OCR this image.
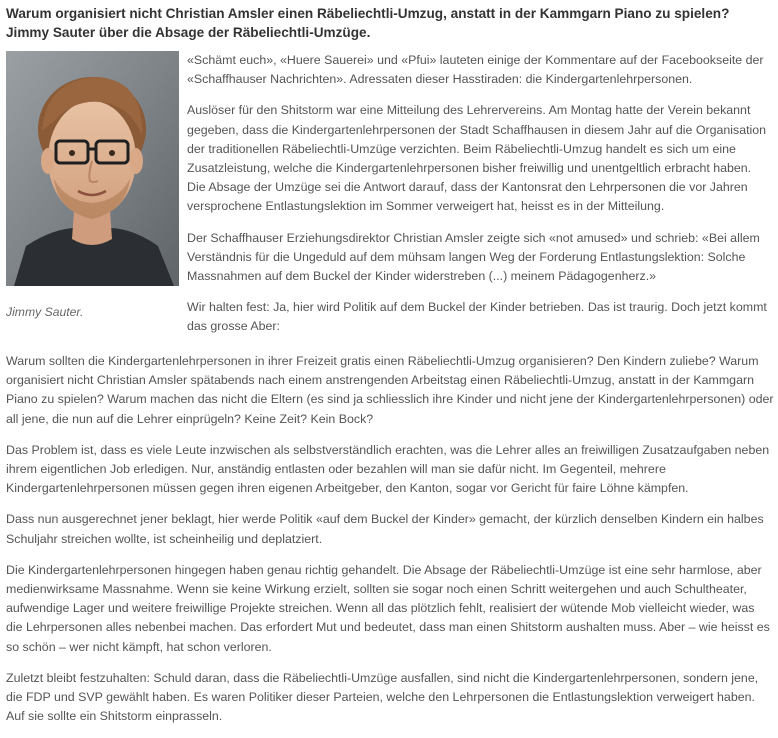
Warum organisiert nicht Christian Amsler einen Räbeliechtli-Umzug, anstatt in der Kammgarn Piano zu spielen? Jimmy Sauter über die Absage der Räbeliechtli-Umzüge.
Jimmy Sauter.

«Schämt euch», «Huere Sauerei» und «Pfui» lauteten einige der Kommentare auf der Facebookseite der «Schaffhauser Nachrichten». Adressaten dieser Hasstiraden: die Kindergartenlehrpersonen.

Auslöser für den Shitstorm war eine Mitteilung des Lehrervereins. Am Montag hatte der Verein bekannt gegeben, dass die Kindergartenlehrpersonen der Stadt Schaffhausen in diesem Jahr auf die Organisation der traditionellen Räbeliechtli-Umzüge verzichten. Beim Räbeliechtli-Umzug handelt es sich um eine Zusatzleistung, welche die Kindergartenlehrpersonen bisher freiwillig und unentgeltlich erbracht haben. Die Absage der Umzüge sei die Antwort darauf, dass der Kantonsrat den Lehrpersonen die vor Jahren versprochene Entlastungslektion im Sommer verweigert hat, heisst es in der Mitteilung.

Der Schaffhauser Erziehungsdirektor Christian Amsler zeigte sich «not amused» und schrieb: «Bei allem Verständnis für die Ungeduld auf dem mühsam langen Weg der Forderung Entlastungslektion: Solche Massnahmen auf dem Buckel der Kinder widerstreben (...) meinem Pädagogenherz.»

Wir halten fest: Ja, hier wird Politik auf dem Buckel der Kinder betrieben. Das ist traurig. Doch jetzt kommt das grosse Aber:

Warum sollten die Kindergartenlehrpersonen in ihrer Freizeit gratis einen Räbeliechtli-Umzug organisieren? Den Kindern zuliebe? Warum organisiert nicht Christian Amsler spätabends nach einem anstrengenden Arbeitstag einen Räbeliechtli-Umzug, anstatt in der Kammgarn Piano zu spielen? Warum machen das nicht die Eltern (es sind ja schliesslich ihre Kinder und nicht jene der Kindergartenlehrpersonen) oder all jene, die nun auf die Lehrer einprügeln? Keine Zeit? Kein Bock?

Das Problem ist, dass es viele Leute inzwischen als selbstverständlich erachten, was die Lehrer alles an freiwilligen Zusatzaufgaben neben ihrem eigentlichen Job erledigen. Nur, anständig entlasten oder bezahlen will man sie dafür nicht. Im Gegenteil, mehrere Kindergartenlehrpersonen müssen gegen ihren eigenen Arbeitgeber, den Kanton, sogar vor Gericht für faire Löhne kämpfen.

Dass nun ausgerechnet jener beklagt, hier werde Politik «auf dem Buckel der Kinder» gemacht, der kürzlich denselben Kindern ein halbes Schuljahr streichen wollte, ist scheinheilig und deplatziert.

Die Kindergartenlehrpersonen hingegen haben genau richtig gehandelt. Die Absage der Räbeliechtli-Umzüge ist eine sehr harmlose, aber medienwirksame Massnahme. Wenn sie keine Wirkung erzielt, sollten sie sogar noch einen Schritt weitergehen und auch Schultheater, aufwendige Lager und weitere freiwillige Projekte streichen. Wenn all das plötzlich fehlt, realisiert der wütende Mob vielleicht wieder, was die Lehrpersonen alles nebenbei machen. Das erfordert Mut und bedeutet, dass man einen Shitstorm aushalten muss. Aber – wie heisst es so schön – wer nicht kämpft, hat schon verloren.

Zuletzt bleibt festzuhalten: Schuld daran, dass die Räbeliechtli-Umzüge ausfallen, sind nicht die Kindergartenlehrpersonen, sondern jene, die FDP und SVP gewählt haben. Es waren Politiker dieser Parteien, welche den Lehrpersonen die Entlastungslektion verweigert haben. Auf sie sollte ein Shitstorm einprasseln.
